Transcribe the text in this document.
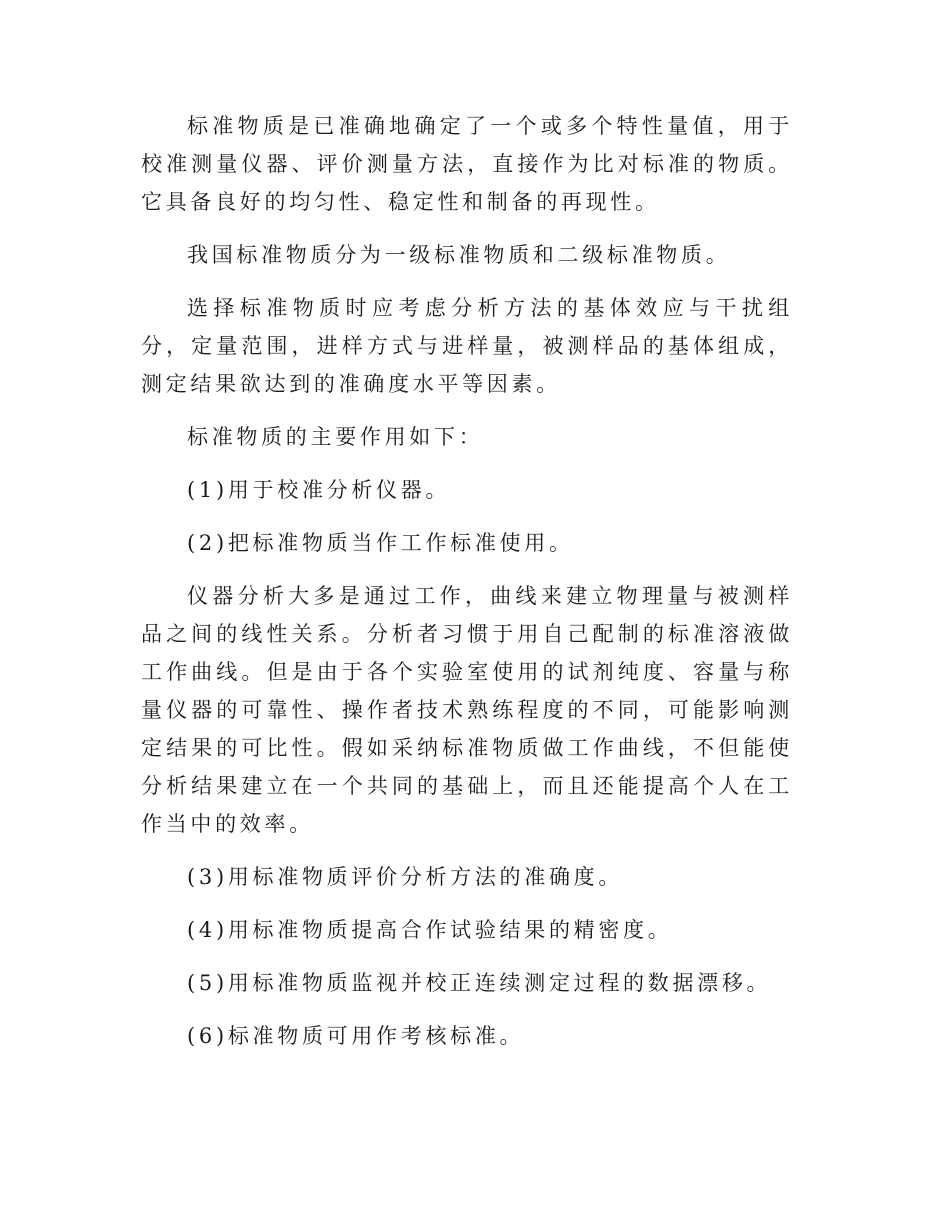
标准物质是已准确地确定了一个或多个特性量值，用于校准测量仪器、评价测量方法，直接作为比对标准的物质。它具备良好的均匀性、稳定性和制备的再现性。

我国标准物质分为一级标准物质和二级标准物质。

选择标准物质时应考虑分析方法的基体效应与干扰组分，定量范围，进样方式与进样量，被测样品的基体组成，测定结果欲达到的准确度水平等因素。

标准物质的主要作用如下：

(1)用于校准分析仪器。

(2)把标准物质当作工作标准使用。

仪器分析大多是通过工作，曲线来建立物理量与被测样品之间的线性关系。分析者习惯于用自己配制的标准溶液做工作曲线。但是由于各个实验室使用的试剂纯度、容量与称量仪器的可靠性、操作者技术熟练程度的不同，可能影响测定结果的可比性。假如采纳标准物质做工作曲线，不但能使分析结果建立在一个共同的基础上，而且还能提高个人在工作当中的效率。

(3)用标准物质评价分析方法的准确度。

(4)用标准物质提高合作试验结果的精密度。

(5)用标准物质监视并校正连续测定过程的数据漂移。

(6)标准物质可用作考核标准。
